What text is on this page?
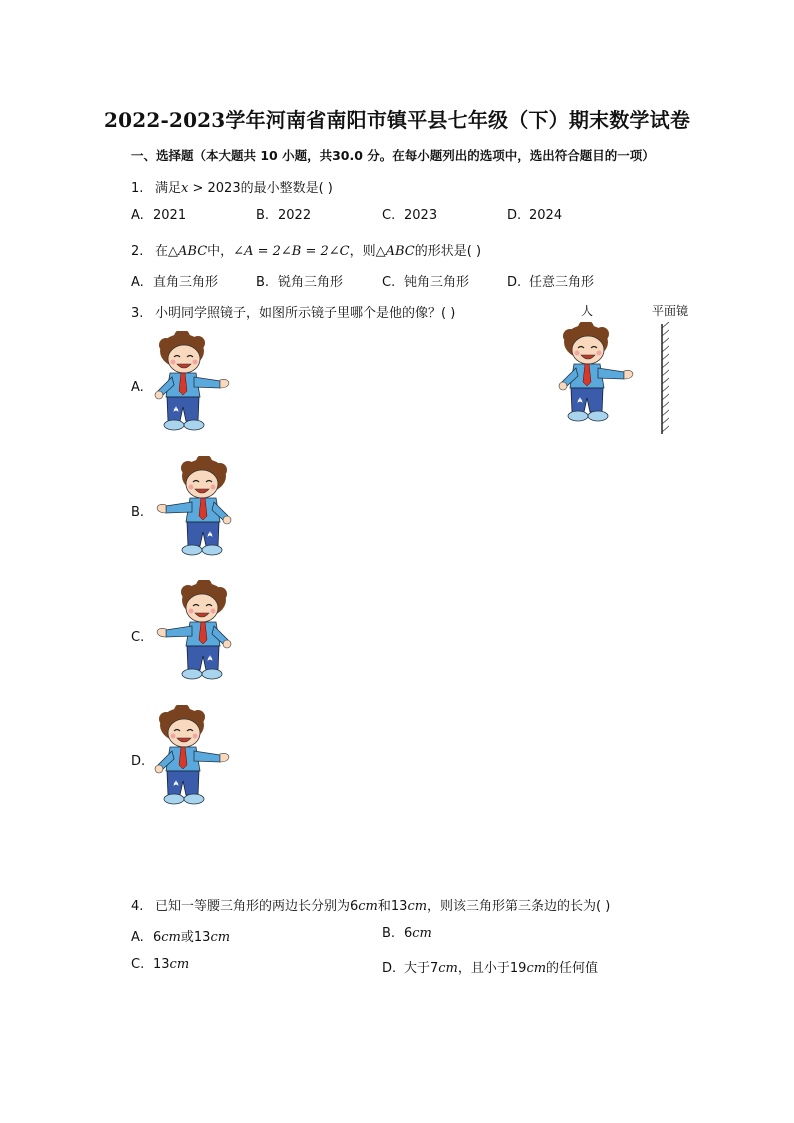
2022-2023学年河南省南阳市镇平县七年级（下）期末数学试卷
一、选择题（本大题共 10 小题，共30.0 分。在每小题列出的选项中，选出符合题目的一项）
1. 满足x > 2023的最小整数是( )
A. 2021	B. 2022	C. 2023	D. 2024
2. 在△ABC中，∠A = 2∠B = 2∠C，则△ABC的形状是( )
A. 直角三角形	B. 锐角三角形	C. 钝角三角形	D. 任意三角形
3. 小明同学照镜子，如图所示镜子里哪个是他的像？( )	人	平面镜
A.
B.
C.
D.
4. 已知一等腰三角形的两边长分别为6cm和13cm，则该三角形第三条边的长为( )
A. 6cm或13cm	B. 6cm
C. 13cm	D. 大于7cm，且小于19cm的任何值
